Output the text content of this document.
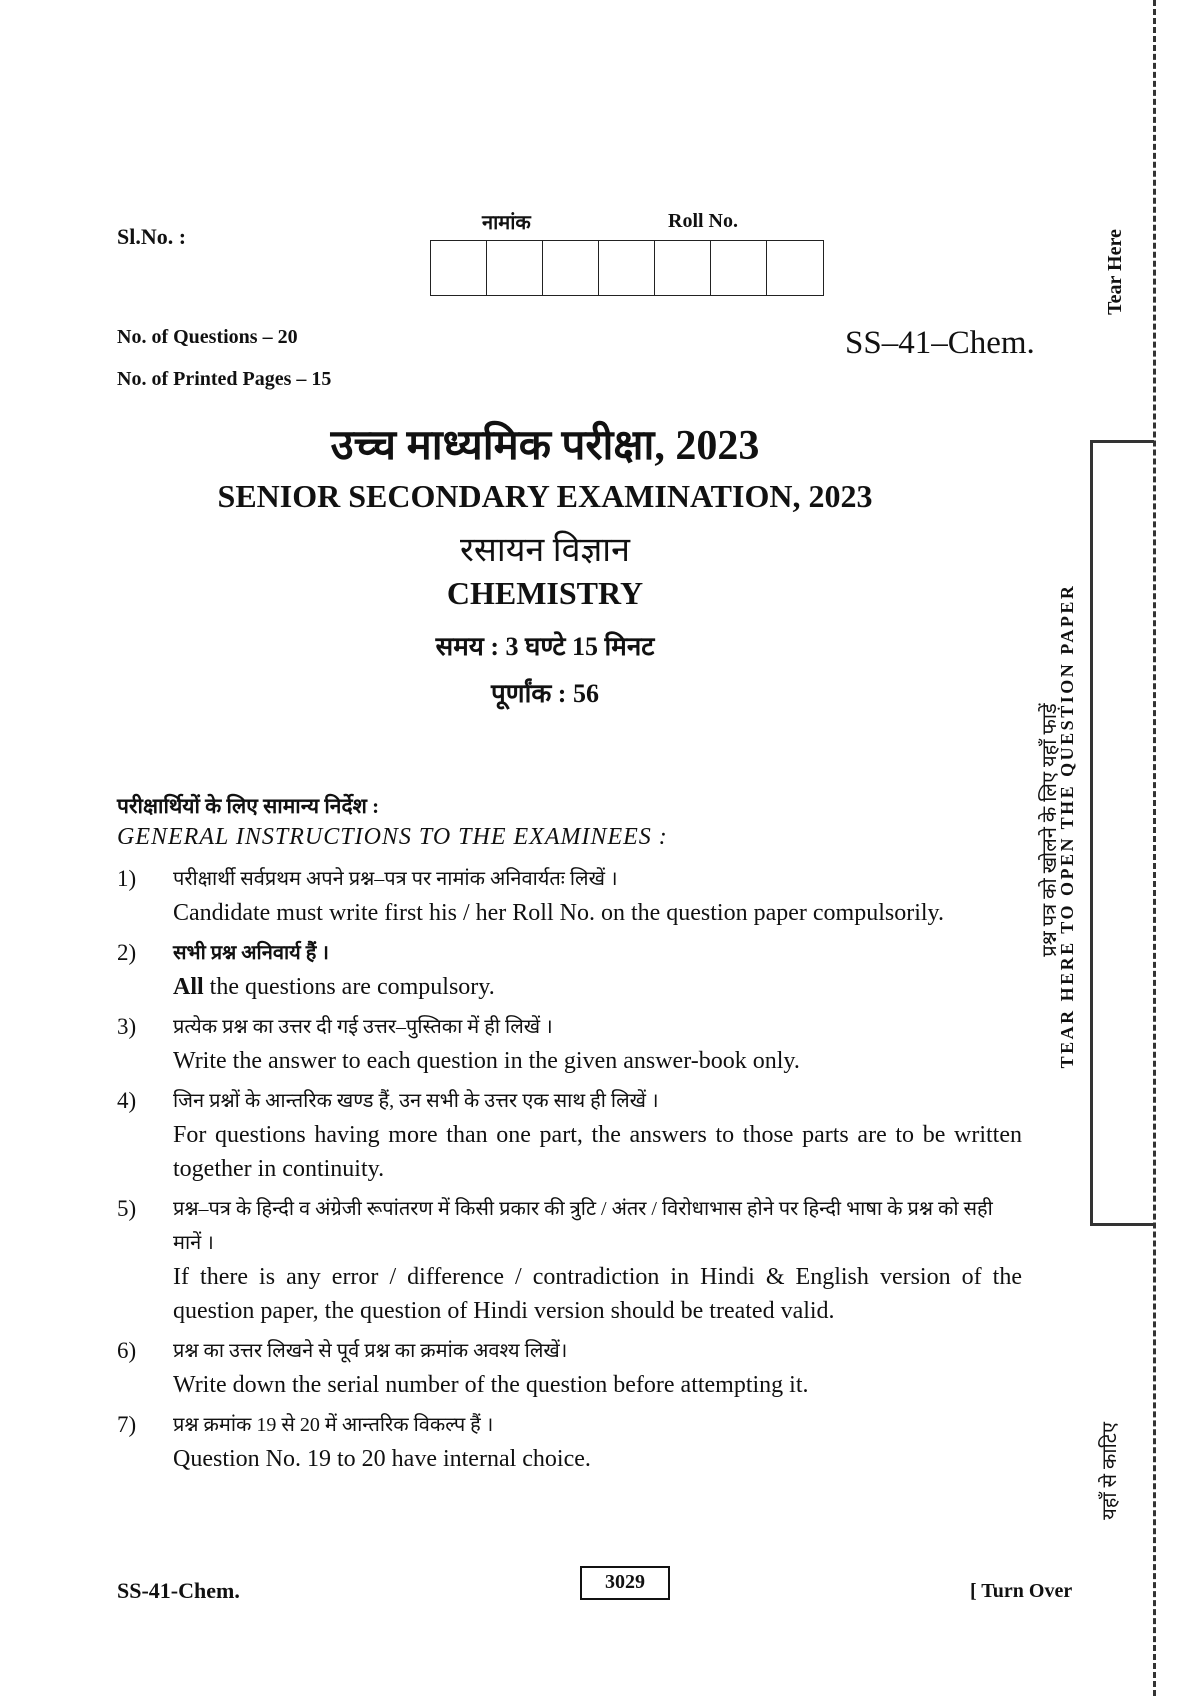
Sl.No. :
नामांक	Roll No.
No. of Questions – 20
No. of Printed Pages – 15
SS–41–Chem.
उच्च माध्यमिक परीक्षा, 2023
SENIOR SECONDARY EXAMINATION, 2023
रसायन विज्ञान
CHEMISTRY
समय : 3 घण्टे 15 मिनट
पूर्णांक : 56
परीक्षार्थियों के लिए सामान्य निर्देश :
GENERAL INSTRUCTIONS TO THE EXAMINEES :
1)	परीक्षार्थी सर्वप्रथम अपने प्रश्न–पत्र पर नामांक अनिवार्यतः लिखें ।
Candidate must write first his / her Roll No. on the question paper compulsorily.
2)	सभी प्रश्न अनिवार्य हैं ।
All the questions are compulsory.
3)	प्रत्येक प्रश्न का उत्तर दी गई उत्तर–पुस्तिका में ही लिखें ।
Write the answer to each question in the given answer-book only.
4)	जिन प्रश्नों के आन्तरिक खण्ड हैं, उन सभी के उत्तर एक साथ ही लिखें ।
For questions having more than one part, the answers to those parts are to be written together in continuity.
5)	प्रश्न–पत्र के हिन्दी व अंग्रेजी रूपांतरण में किसी प्रकार की त्रुटि / अंतर / विरोधाभास होने पर हिन्दी भाषा के प्रश्न को सही मानें ।
If there is any error / difference / contradiction in Hindi & English version of the question paper, the question of Hindi version should be treated valid.
6)	प्रश्न का उत्तर लिखने से पूर्व प्रश्न का क्रमांक अवश्य लिखें।
Write down the serial number of the question before attempting it.
7)	प्रश्न क्रमांक 19 से 20 में आन्तरिक विकल्प हैं ।
Question No. 19 to 20 have internal choice.
SS-41-Chem.	3029	[ Turn Over
Tear Here
TEAR HERE TO OPEN THE QUESTION PAPER
प्रश्न पत्र को खोलने के लिए यहाँ फाड़ें
यहाँ से काटिए
